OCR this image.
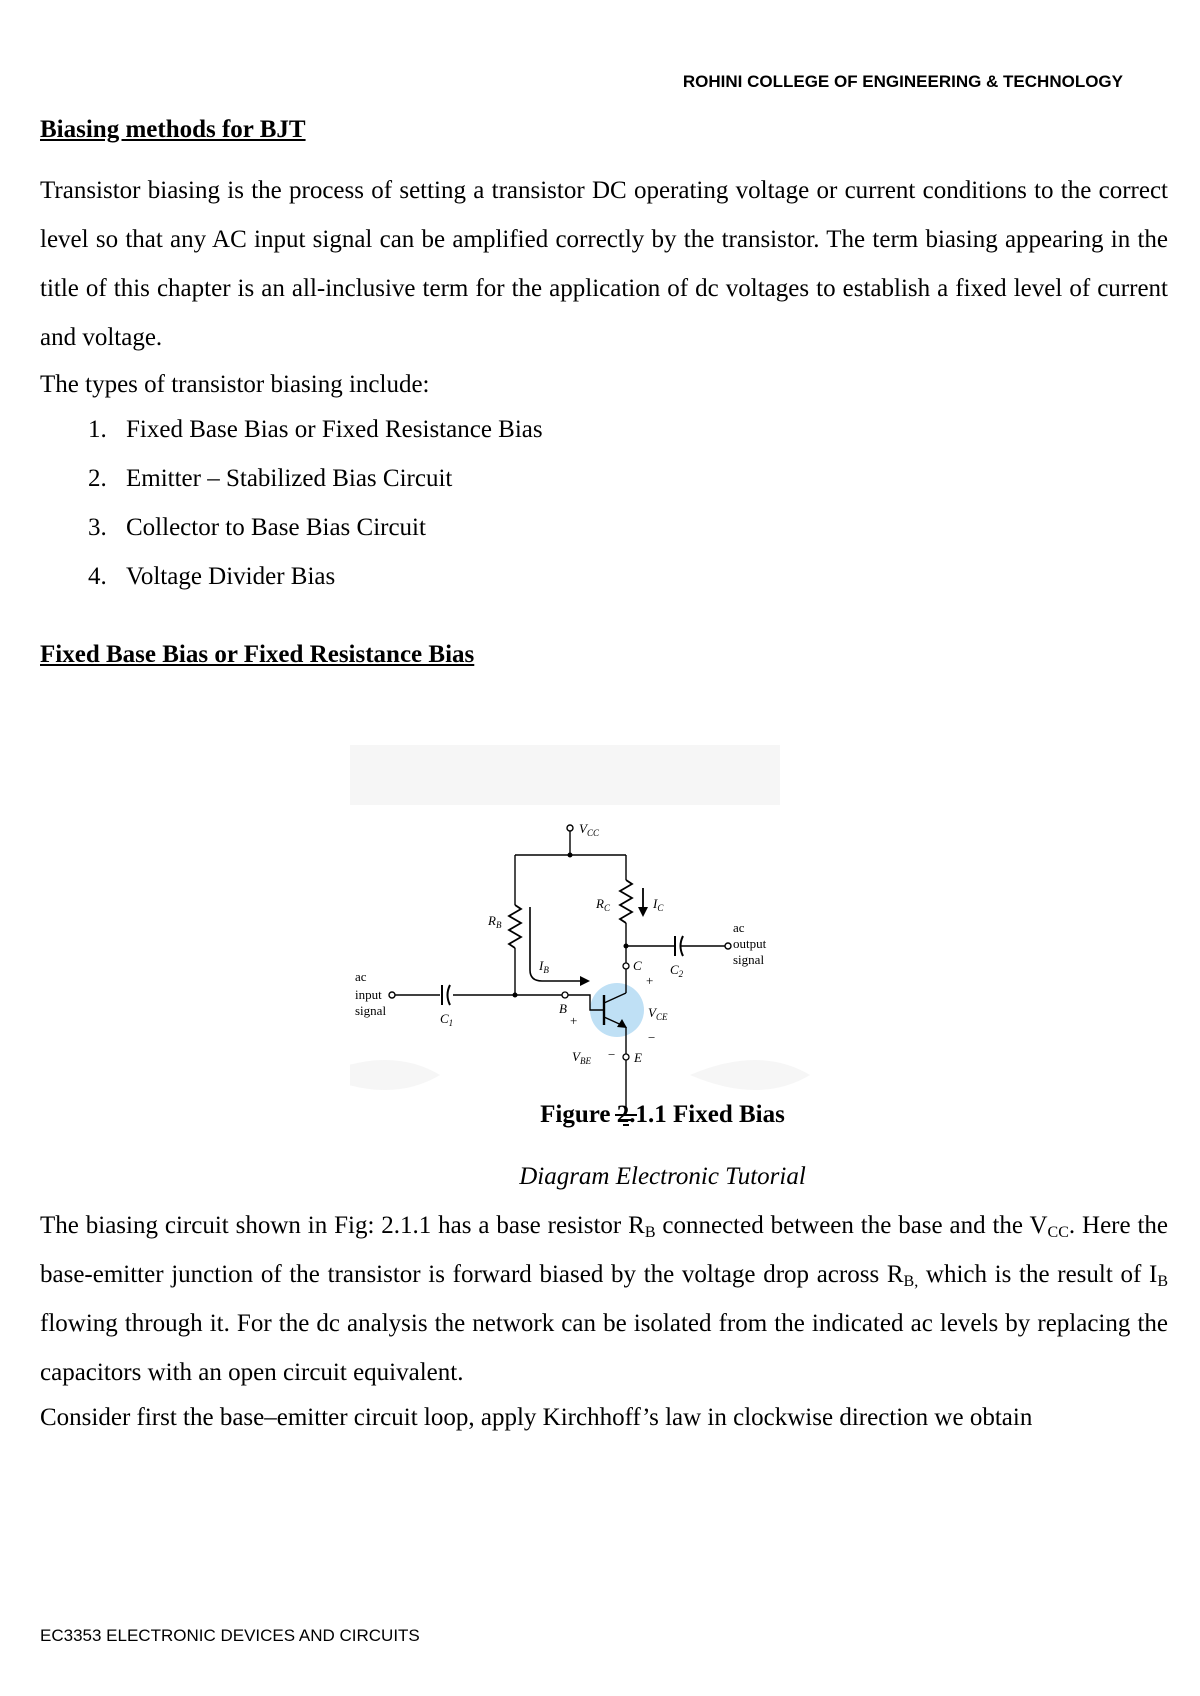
ROHINI COLLEGE OF ENGINEERING & TECHNOLOGY
Biasing methods for BJT

Transistor biasing is the process of setting a transistor DC operating voltage or current conditions to the correct level so that any AC input signal can be amplified correctly by the transistor. The term biasing appearing in the title of this chapter is an all-inclusive term for the application of dc voltages to establish a fixed level of current and voltage.

The types of transistor biasing include:
1. Fixed Base Bias or Fixed Resistance Bias
2. Emitter – Stabilized Bias Circuit
3. Collector to Base Bias Circuit
4. Voltage Divider Bias
Fixed Base Bias or Fixed Resistance Bias
$V_{CC}$
$R_B$
$I_B$
$R_C$	$I_C$
$C_2$
ac
output
signal
C
+
$V_{CE}$
−
B
+
$C_1$
ac
input
signal
E
$V_{BE}$ −
Figure 2.1.1 Fixed Bias
Diagram Electronic Tutorial

The biasing circuit shown in Fig: 2.1.1 has a base resistor $R_B$ connected between the base and the $V_{CC}$. Here the base-emitter junction of the transistor is forward biased by the voltage drop across $R_{B,}$ which is the result of $I_B$ flowing through it. For the dc analysis the network can be isolated from the indicated ac levels by replacing the capacitors with an open circuit equivalent.

Consider first the base–emitter circuit loop, apply Kirchhoff’s law in clockwise direction we obtain
EC3353 ELECTRONIC DEVICES AND CIRCUITS
